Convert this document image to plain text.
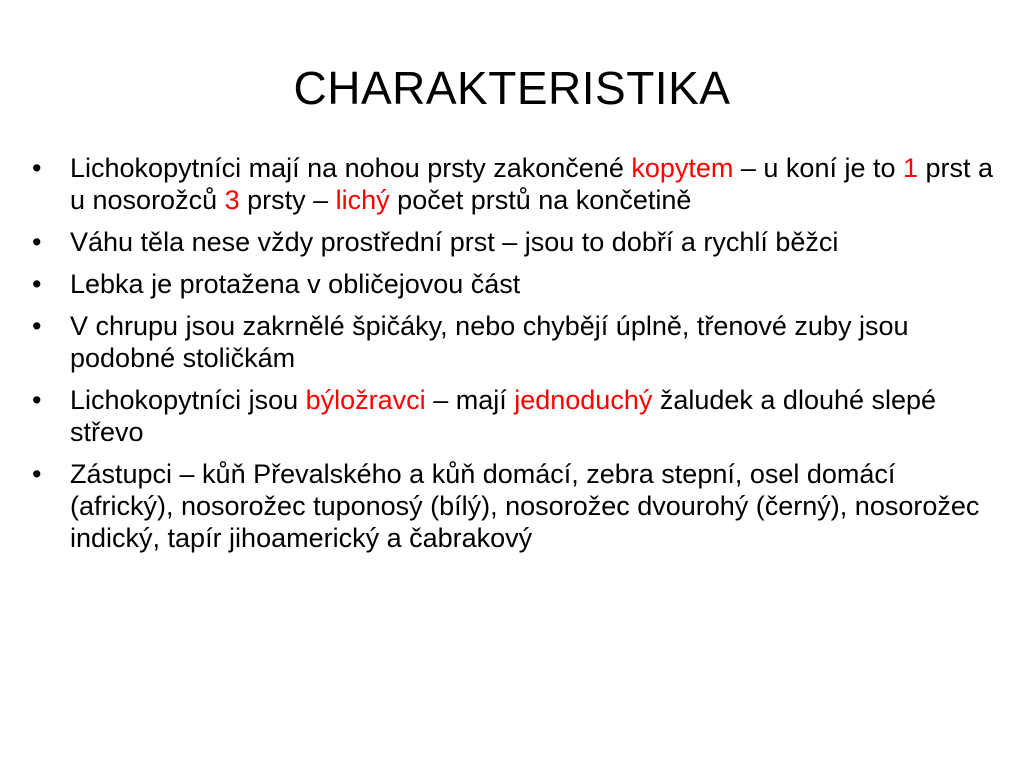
CHARAKTERISTIKA
•	Lichokopytníci mají na nohou prsty zakončené kopytem – u koní je to 1 prst a u nosorožců 3 prsty – lichý počet prstů na končetině
•	Váhu těla nese vždy prostřední prst – jsou to dobří a rychlí běžci
•	Lebka je protažena v obličejovou část
•	V chrupu jsou zakrnělé špičáky, nebo chybějí úplně, třenové zuby jsou podobné stoličkám
•	Lichokopytníci jsou býložravci – mají jednoduchý žaludek a dlouhé slepé střevo
•	Zástupci – kůň Převalského a kůň domácí, zebra stepní, osel domácí (africký), nosorožec tuponosý (bílý), nosorožec dvourohý (černý), nosorožec indický, tapír jihoamerický a čabrakový
